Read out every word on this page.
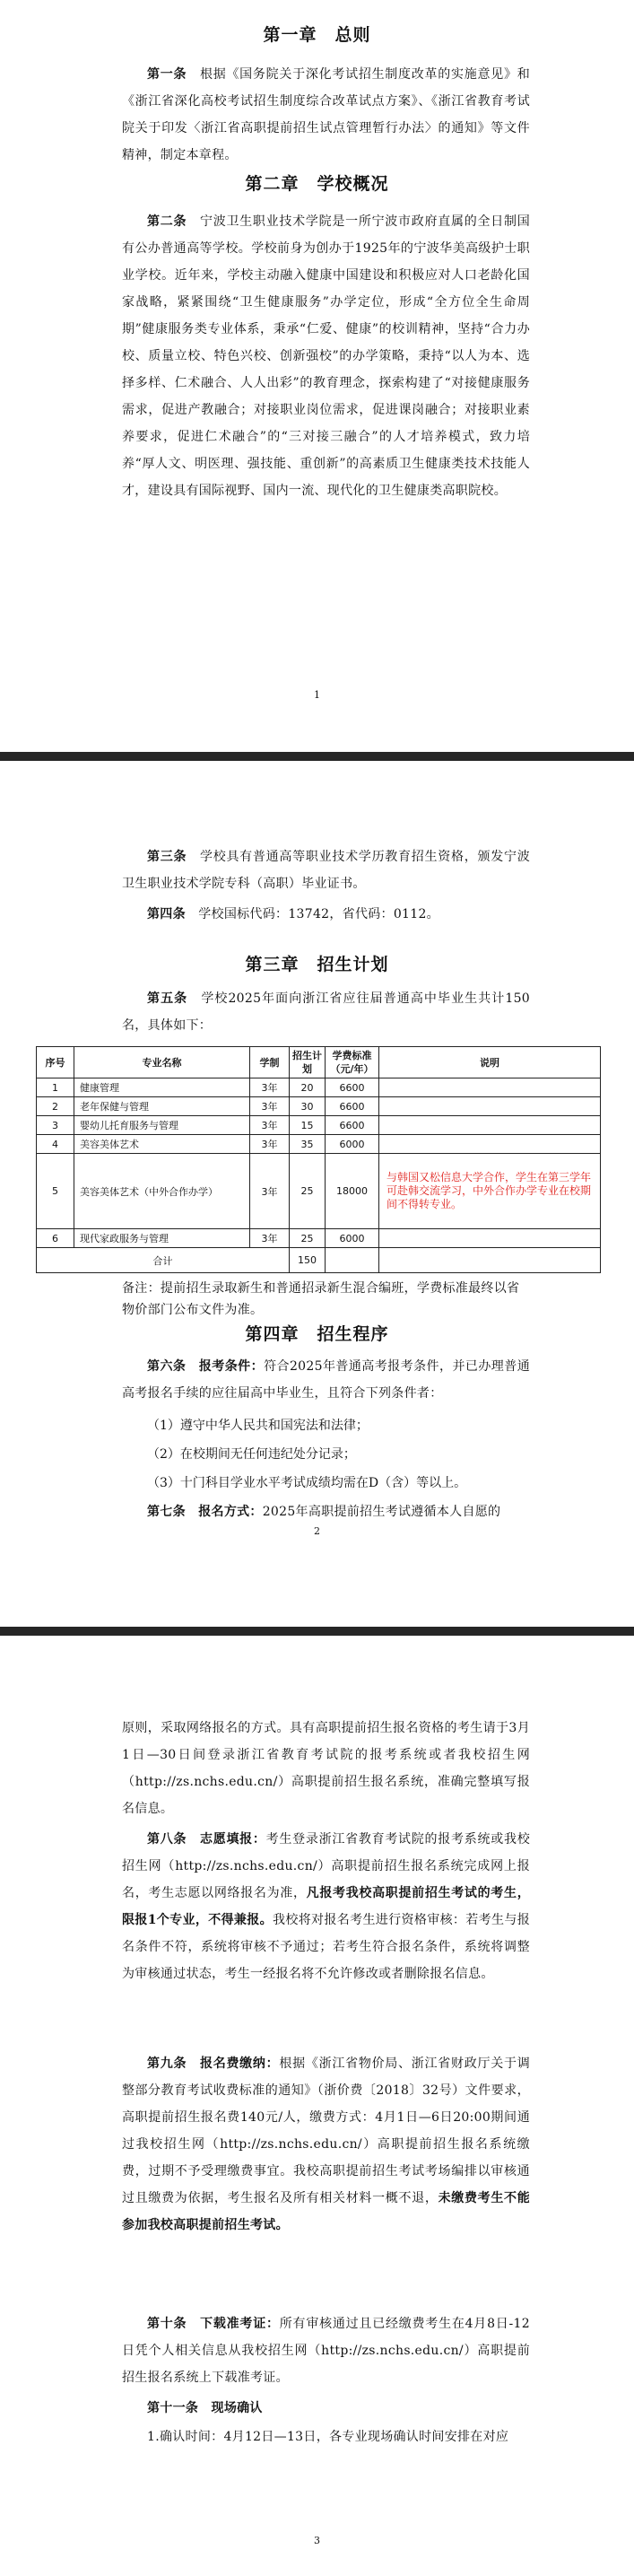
第一章　总则

第一条　 根据《国务院关于深化考试招生制度改革的实施意见》和《浙江省深化高校考试招生制度综合改革试点方案》、《浙江省教育考试院关于印发〈浙江省高职提前招生试点管理暂行办法〉的通知》等文件精神，制定本章程。

第二章　学校概况

第二条　 宁波卫生职业技术学院是一所宁波市政府直属的全日制国有公办普通高等学校。学校前身为创办于1925年的宁波华美高级护士职业学校。近年来，学校主动融入健康中国建设和积极应对人口老龄化国家战略，紧紧围绕“卫生健康服务”办学定位，形成“全方位全生命周期”健康服务类专业体系，秉承“仁爱、健康”的校训精神，坚持“合力办校、质量立校、特色兴校、创新强校”的办学策略，秉持“以人为本、选择多样、仁术融合、人人出彩”的教育理念，探索构建了“对接健康服务需求，促进产教融合；对接职业岗位需求，促进课岗融合；对接职业素养要求，促进仁术融合”的“三对接三融合”的人才培养模式，致力培养“厚人文、明医理、强技能、重创新”的高素质卫生健康类技术技能人才，建设具有国际视野、国内一流、现代化的卫生健康类高职院校。

1

第三条　 学校具有普通高等职业技术学历教育招生资格，颁发宁波卫生职业技术学院专科（高职）毕业证书。

第四条　 学校国标代码：13742，省代码：0112。

第三章　招生计划

第五条　 学校2025年面向浙江省应往届普通高中毕业生共计150名，具体如下：

序号	专业名称	学制	招生计划	学费标准（元/年）	说明
1	健康管理	3年	20	6600	
2	老年保健与管理	3年	30	6600	
3	婴幼儿托育服务与管理	3年	15	6600	
4	美容美体艺术	3年	35	6000	
5	美容美体艺术（中外合作办学）	3年	25	18000	与韩国又松信息大学合作，学生在第三学年可赴韩交流学习，中外合作办学专业在校期间不得转专业。
6	现代家政服务与管理	3年	25	6000	
合计			150		

备注：提前招生录取新生和普通招录新生混合编班，学费标准最终以省物价部门公布文件为准。

第四章　招生程序

第六条　 报考条件：符合2025年普通高考报考条件，并已办理普通高考报名手续的应往届高中毕业生，且符合下列条件者：

（1）遵守中华人民共和国宪法和法律；

（2）在校期间无任何违纪处分记录；

（3）十门科目学业水平考试成绩均需在D（含）等以上。

第七条　 报名方式：2025年高职提前招生考试遵循本人自愿的

2

原则，采取网络报名的方式。具有高职提前招生报名资格的考生请于3月1日—30日间登录浙江省教育考试院的报考系统或者我校招生网（http://zs.nchs.edu.cn/）高职提前招生报名系统，准确完整填写报名信息。

第八条　 志愿填报：考生登录浙江省教育考试院的报考系统或我校招生网（http://zs.nchs.edu.cn/）高职提前招生报名系统完成网上报名，考生志愿以网络报名为准，凡报考我校高职提前招生考试的考生，限报1个专业，不得兼报。我校将对报名考生进行资格审核：若考生与报名条件不符，系统将审核不予通过；若考生符合报名条件，系统将调整为审核通过状态，考生一经报名将不允许修改或者删除报名信息。

第九条　 报名费缴纳：根据《浙江省物价局、浙江省财政厅关于调整部分教育考试收费标准的通知》（浙价费〔2018〕32号）文件要求，高职提前招生报名费140元/人，缴费方式：4月1日—6日20:00期间通过我校招生网（http://zs.nchs.edu.cn/）高职提前招生报名系统缴费，过期不予受理缴费事宜。我校高职提前招生考试考场编排以审核通过且缴费为依据，考生报名及所有相关材料一概不退，未缴费考生不能参加我校高职提前招生考试。

第十条　 下载准考证：所有审核通过且已经缴费考生在4月8日-12日凭个人相关信息从我校招生网（http://zs.nchs.edu.cn/）高职提前招生报名系统上下载准考证。

第十一条　 现场确认

1.确认时间：4月12日—13日，各专业现场确认时间安排在对应

3
